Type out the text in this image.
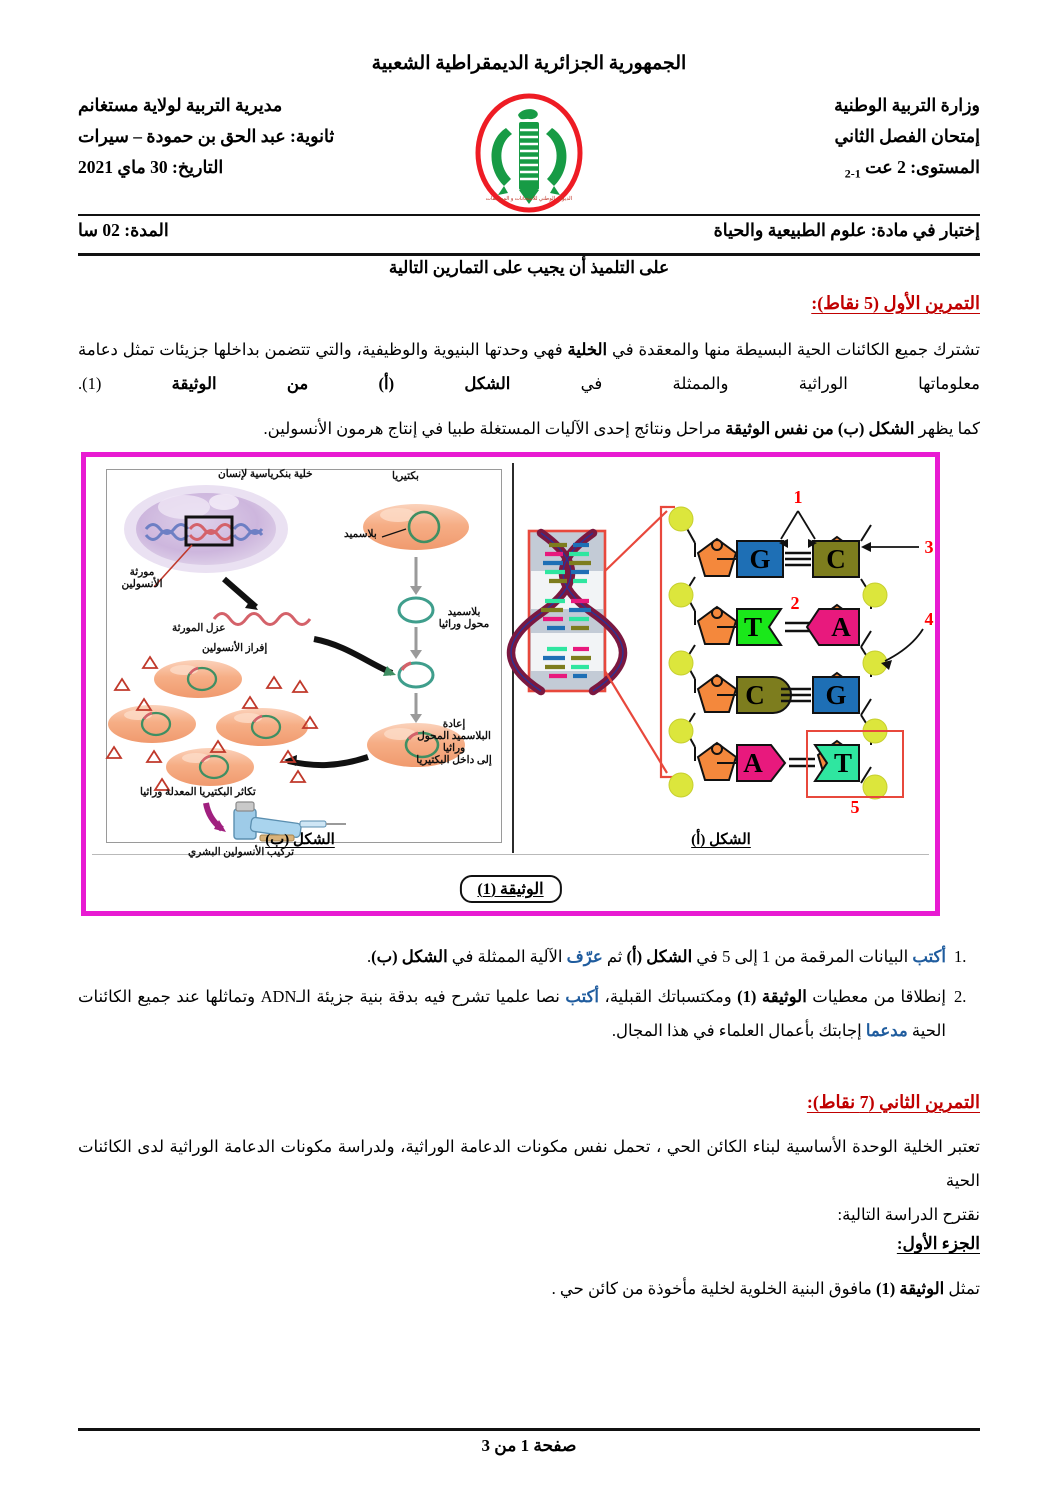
الجمهورية الجزائرية الديمقراطية الشعبية
وزارة التربية الوطنية
إمتحان الفصل الثاني
المستوى: 2 عت $_{1-2}$
مديرية التربية لولاية مستغانم
ثانوية: عبد الحق بن حمودة – سيرات
التاريخ: 30 ماي 2021
الديوان الوطني للامتحانات و المسابقات
إختبار في مادة: علوم الطبيعية والحياة
المدة: 02 سا
على التلميذ أن يجيب على التمارين التالية
التمرين الأول (5 نقاط):
تشترك جميع الكائنات الحية البسيطة منها والمعقدة في الخلية فهي وحدتها البنيوية والوظيفية، والتي تتضمن بداخلها جزيئات تمثل دعامة معلوماتها الوراثية والممثلة في الشكل (أ) من الوثيقة (1).
كما يظهر الشكل (ب) من نفس الوثيقة مراحل ونتائج إحدى الآليات المستغلة طبيا في إنتاج هرمون الأنسولين.
خلية بنكرياسية لإنسان
مورثة الأنسولين
عزل المورثة
بكتيريا
بلاسميد
بلاسميد
محول وراثيا
إعادة
البلاسميد المحول وراثيا
إلى داخل البكتيريا
إفراز الأنسولين
تكاثر البكتيريا المعدلة وراثيا
تركيب الأنسولين البشري
الشكل (ب)
G C
T	A
C G
A	T
1
2
3
4
5
الشكل (أ)
الوثيقة (1)
1.
أكتب البيانات المرقمة من 1 إلى 5 في الشكل (أ) ثم عرّف الآلية الممثلة في الشكل (ب).
2.
إنطلاقا من معطيات الوثيقة (1) ومكتسباتك القبلية، أكتب نصا علميا تشرح فيه بدقة بنية جزيئة الـADN وتماثلها عند جميع الكائنات الحية مدعما إجابتك بأعمال العلماء في هذا المجال.
التمرين الثاني (7 نقاط):
تعتبر الخلية الوحدة الأساسية لبناء الكائن الحي ، تحمل نفس مكونات الدعامة الوراثية، ولدراسة مكونات الدعامة الوراثية لدى الكائنات الحية
نقترح الدراسة التالية:
الجزء الأول:
تمثل الوثيقة (1) مافوق البنية الخلوية لخلية مأخوذة من كائن حي .
صفحة 1 من 3
